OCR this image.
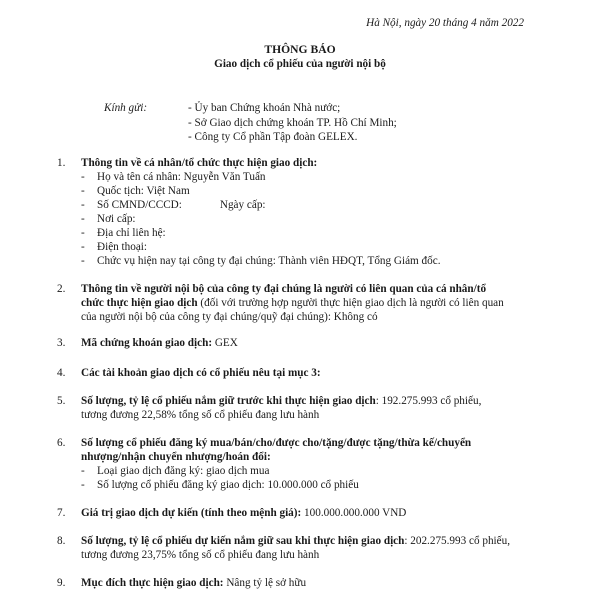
Hà Nội, ngày 20 tháng 4 năm 2022
THÔNG BÁO
Giao dịch cổ phiếu của người nội bộ
Kính gửi:	- Ủy ban Chứng khoán Nhà nước;
- Sở Giao dịch chứng khoán TP. Hồ Chí Minh;
- Công ty Cổ phần Tập đoàn GELEX.
1. Thông tin về cá nhân/tổ chức thực hiện giao dịch:
- Họ và tên cá nhân: Nguyễn Văn Tuấn
- Quốc tịch: Việt Nam
- Số CMND/CCCD:	Ngày cấp:
- Nơi cấp:
- Địa chỉ liên hệ:
- Điện thoại:
- Chức vụ hiện nay tại công ty đại chúng: Thành viên HĐQT, Tổng Giám đốc.
2. Thông tin về người nội bộ của công ty đại chúng là người có liên quan của cá nhân/tổ
chức thực hiện giao dịch (đối với trường hợp người thực hiện giao dịch là người có liên quan
của người nội bộ của công ty đại chúng/quỹ đại chúng): Không có
3. Mã chứng khoán giao dịch: GEX
4. Các tài khoản giao dịch có cổ phiếu nêu tại mục 3:
5. Số lượng, tỷ lệ cổ phiếu nắm giữ trước khi thực hiện giao dịch: 192.275.993 cổ phiếu,
tương đương 22,58% tổng số cổ phiếu đang lưu hành
6. Số lượng cổ phiếu đăng ký mua/bán/cho/được cho/tặng/được tặng/thừa kế/chuyển
nhượng/nhận chuyển nhượng/hoán đổi:
- Loại giao dịch đăng ký: giao dịch mua
- Số lượng cổ phiếu đăng ký giao dịch: 10.000.000 cổ phiếu
7. Giá trị giao dịch dự kiến (tính theo mệnh giá): 100.000.000.000 VND
8. Số lượng, tỷ lệ cổ phiếu dự kiến nắm giữ sau khi thực hiện giao dịch: 202.275.993 cổ phiếu,
tương đương 23,75% tổng số cổ phiếu đang lưu hành
9. Mục đích thực hiện giao dịch: Nâng tỷ lệ sở hữu
